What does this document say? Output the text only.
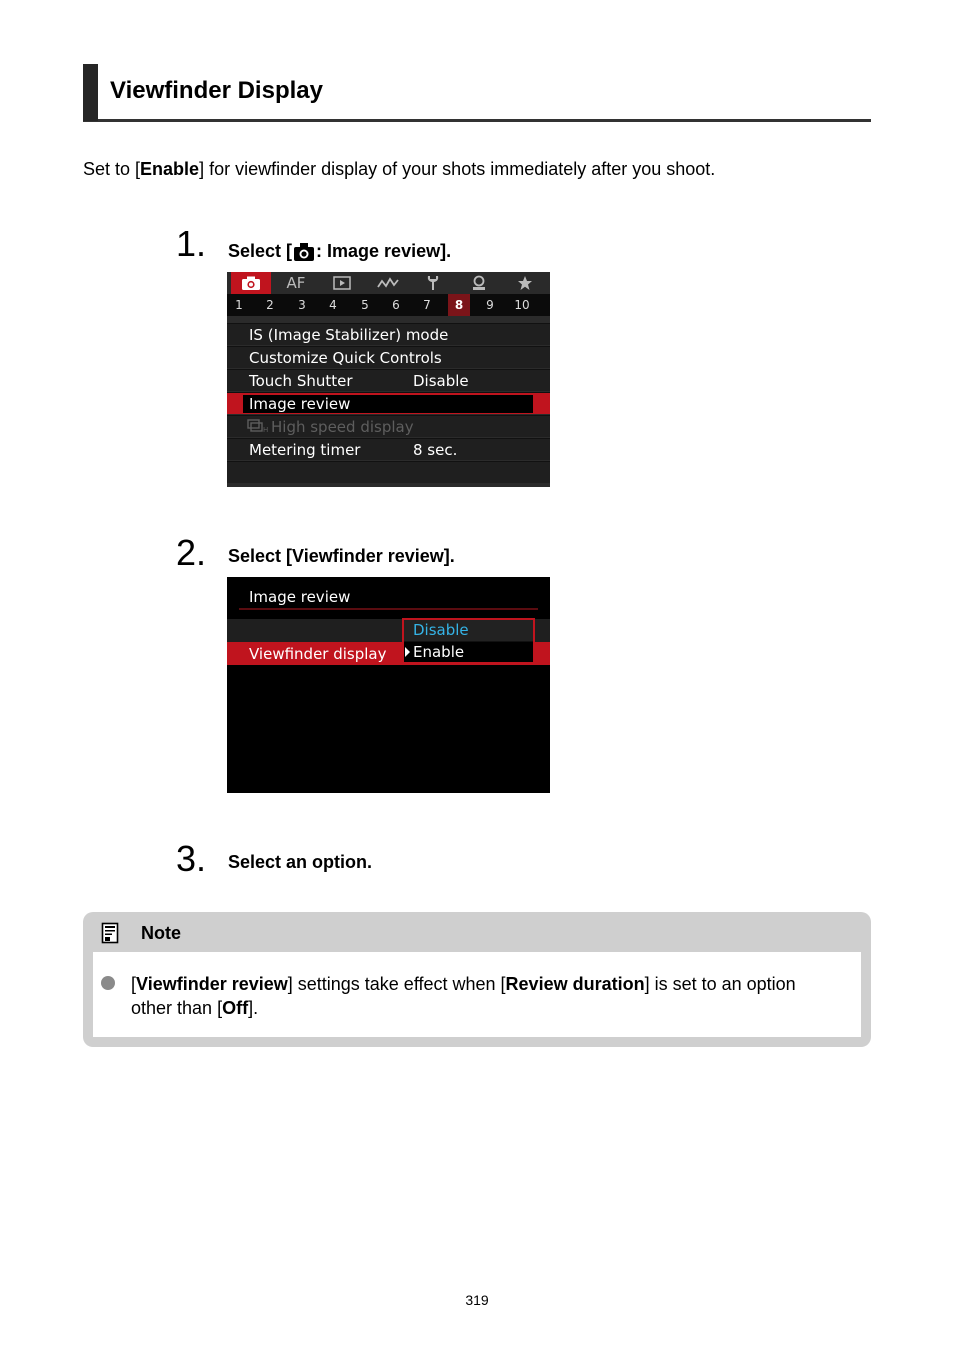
Viewfinder Display
Set to [Enable] for viewfinder display of your shots immediately after you shoot.
1. Select [ : Image review].
AF
1	2	3	4	5	6	7	8	9	10
IS (Image Stabilizer) mode
Customize Quick Controls
Touch Shutter	Disable
Image review
H High speed display
Metering timer	8 sec.
2. Select [Viewfinder review].
Image review
Viewfinder display
Disable
Enable
3. Select an option.
Note
[Viewfinder review] settings take effect when [Review duration] is set to an option other than [Off].
319
